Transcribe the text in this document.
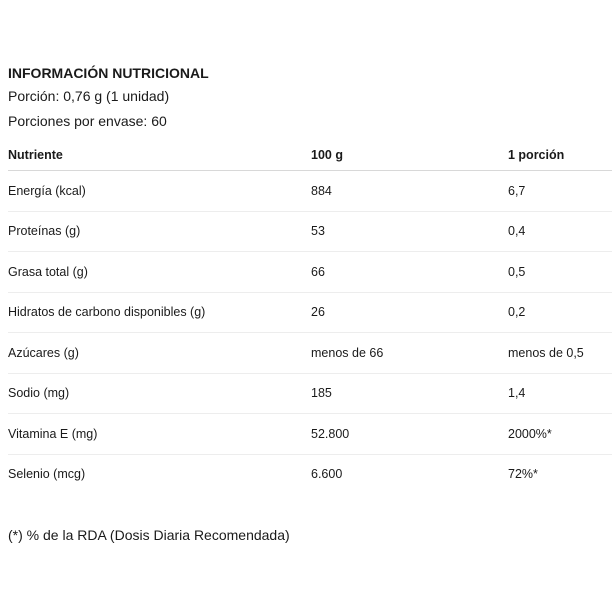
INFORMACIÓN NUTRICIONAL

Porción: 0,76 g (1 unidad)

Porciones por envase: 60

Nutriente	100 g	1 porción
Energía (kcal)	884	6,7
Proteínas (g)	53	0,4
Grasa total (g)	66	0,5
Hidratos de carbono disponibles (g)	26	0,2
Azúcares (g)	menos de 66	menos de 0,5
Sodio (mg)	185	1,4
Vitamina E (mg)	52.800	2000%*
Selenio (mcg)	6.600	72%*

(*) % de la RDA (Dosis Diaria Recomendada)
